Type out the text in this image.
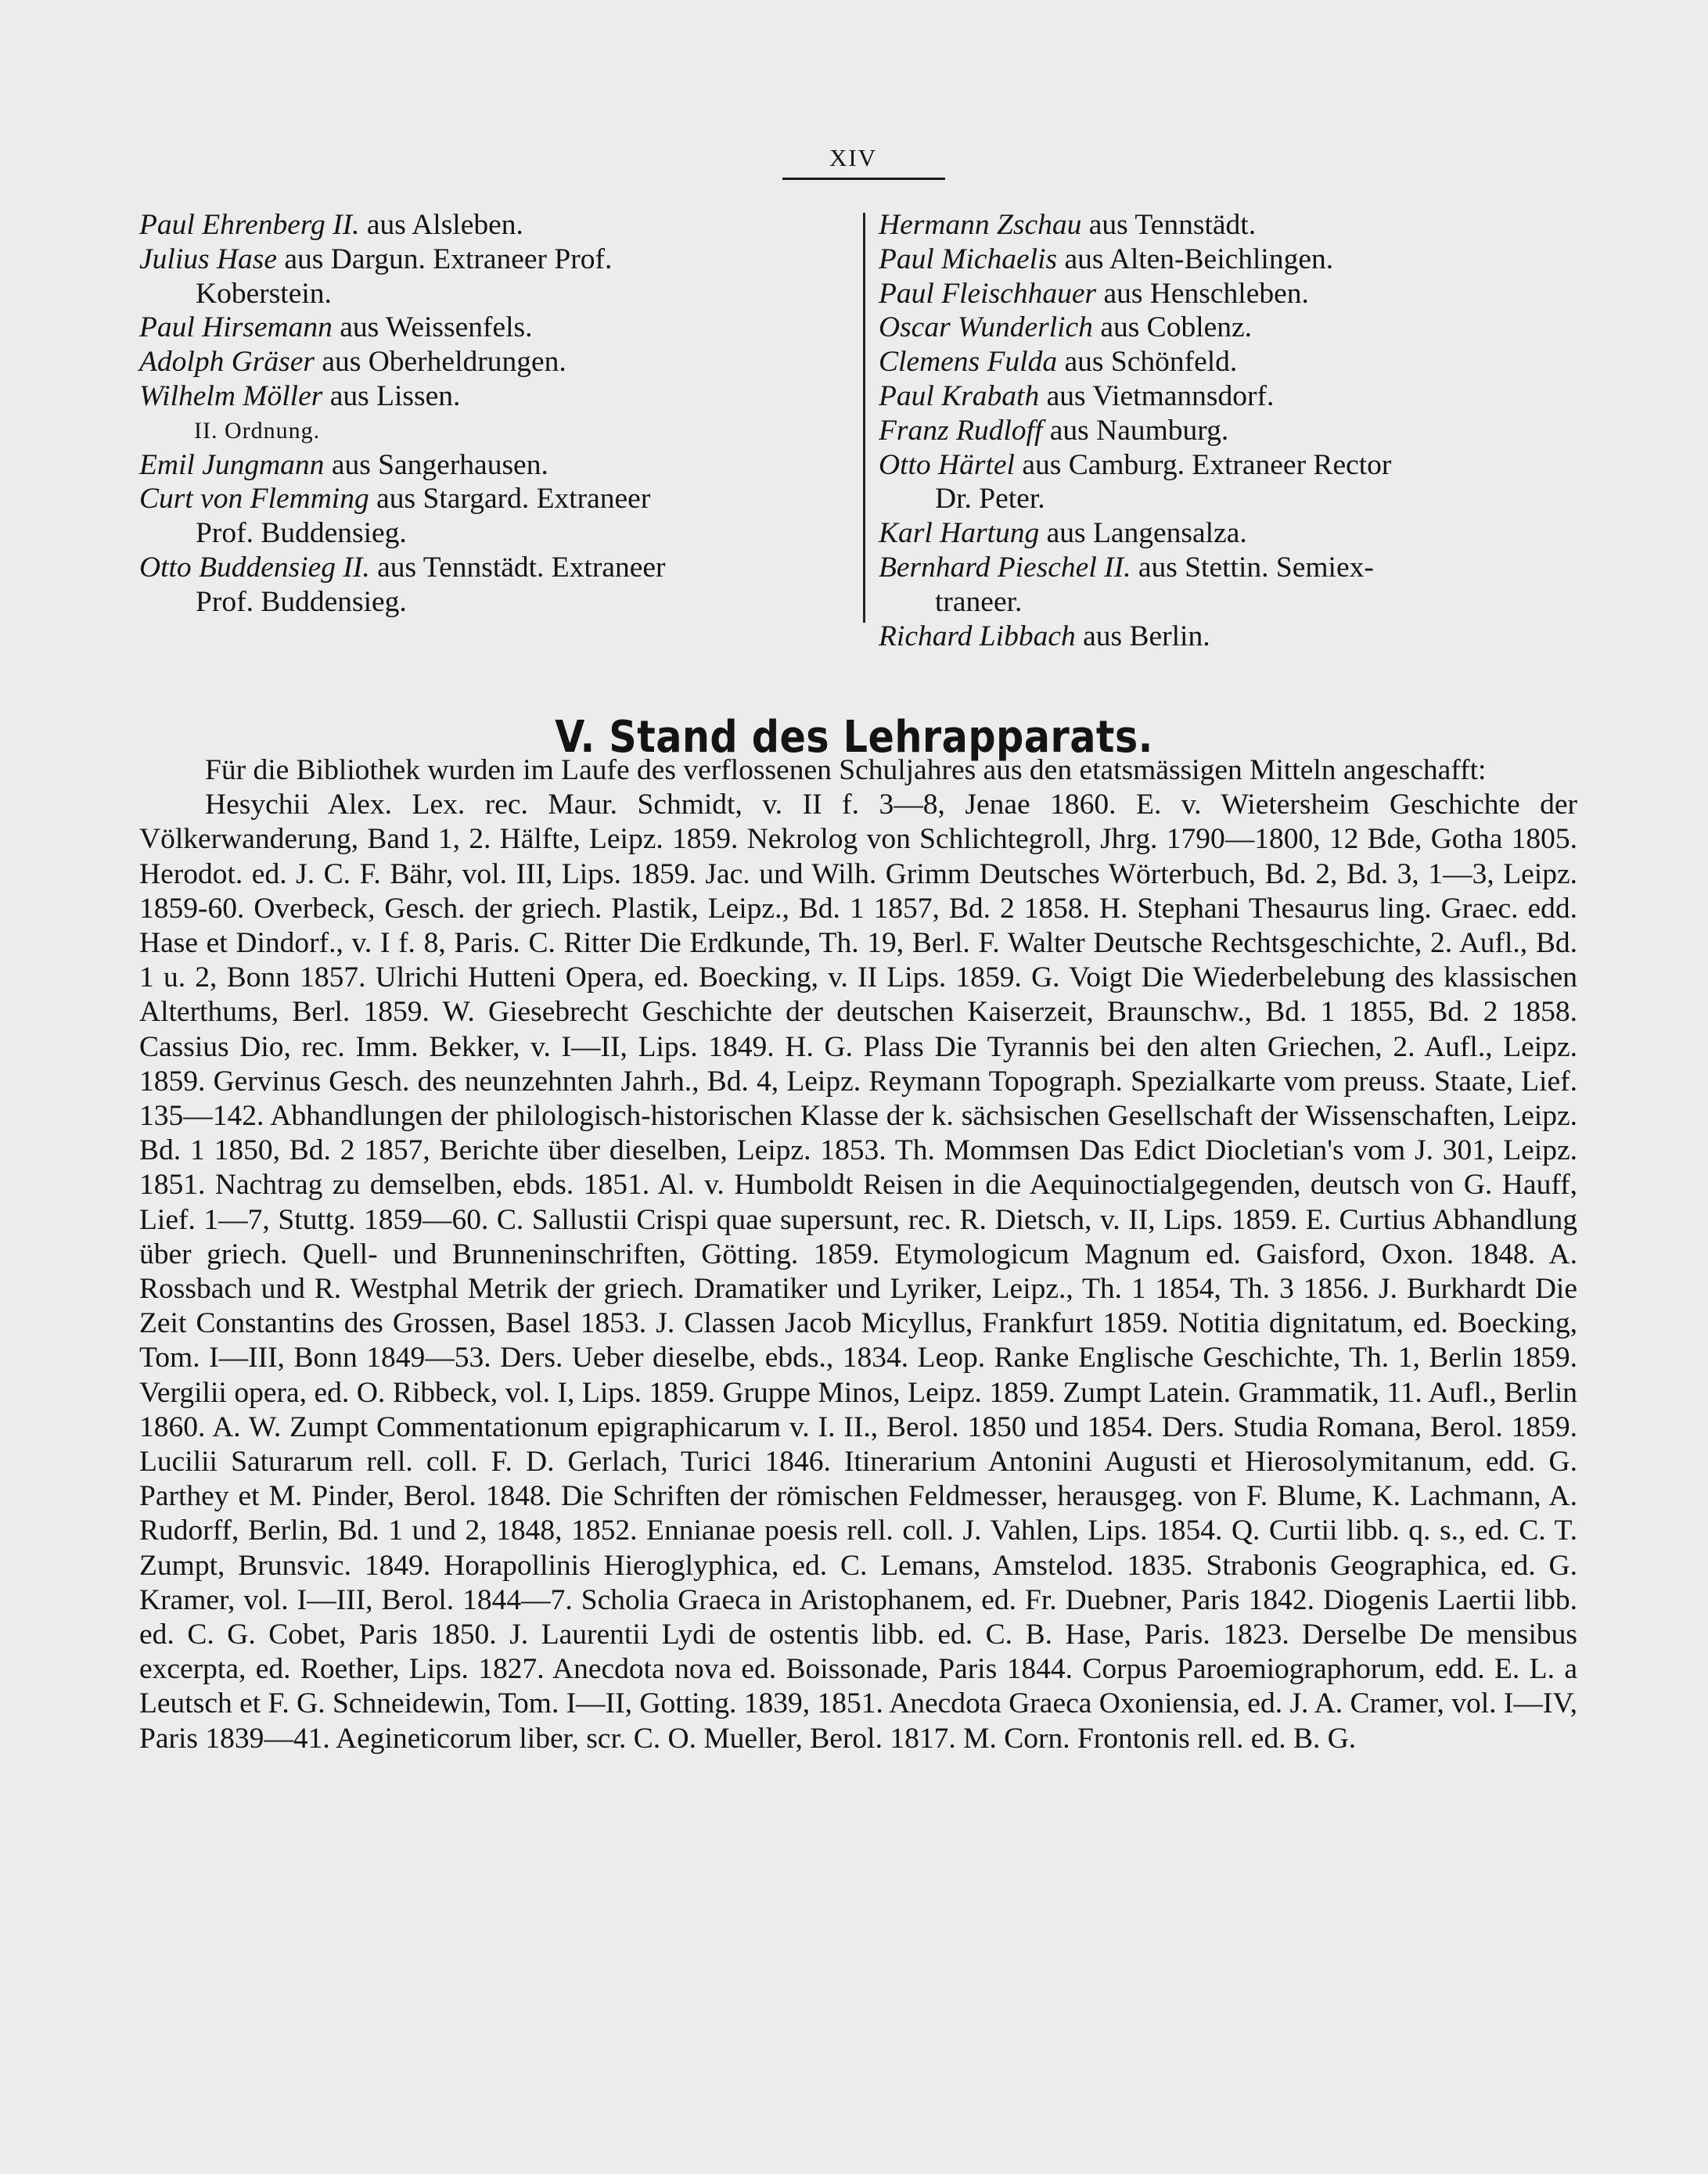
XIV

Paul Ehrenberg II. aus Alsleben.

Julius Hase aus Dargun. Extraneer Prof.
Koberstein.

Paul Hirsemann aus Weissenfels.

Adolph Gräser aus Oberheldrungen.

Wilhelm Möller aus Lissen.

II. Ordnung.

Emil Jungmann aus Sangerhausen.

Curt von Flemming aus Stargard. Extraneer
Prof. Buddensieg.

Otto Buddensieg II. aus Tennstädt. Extraneer
Prof. Buddensieg.

Hermann Zschau aus Tennstädt.

Paul Michaelis aus Alten-Beichlingen.

Paul Fleischhauer aus Henschleben.

Oscar Wunderlich aus Coblenz.

Clemens Fulda aus Schönfeld.

Paul Krabath aus Vietmannsdorf.

Franz Rudloff aus Naumburg.

Otto Härtel aus Camburg. Extraneer Rector
Dr. Peter.

Karl Hartung aus Langensalza.

Bernhard Pieschel II. aus Stettin. Semiex-
traneer.

Richard Libbach aus Berlin.

V. Stand des Lehrapparats.

Für die Bibliothek wurden im Laufe des verflossenen Schuljahres aus den etatsmässigen Mitteln angeschafft:

Hesychii Alex. Lex. rec. Maur. Schmidt, v. II f. 3—8, Jenae 1860. E. v. Wietersheim Geschichte der Völkerwanderung, Band 1, 2. Hälfte, Leipz. 1859. Nekrolog von Schlichtegroll, Jhrg. 1790—1800, 12 Bde, Gotha 1805. Herodot. ed. J. C. F. Bähr, vol. III, Lips. 1859. Jac. und Wilh. Grimm Deutsches Wörterbuch, Bd. 2, Bd. 3, 1—3, Leipz. 1859-60. Overbeck, Gesch. der griech. Plastik, Leipz., Bd. 1 1857, Bd. 2 1858. H. Stephani Thesaurus ling. Graec. edd. Hase et Dindorf., v. I f. 8, Paris. C. Ritter Die Erdkunde, Th. 19, Berl. F. Walter Deutsche Rechtsgeschichte, 2. Aufl., Bd. 1 u. 2, Bonn 1857. Ulrichi Hutteni Opera, ed. Boecking, v. II Lips. 1859. G. Voigt Die Wiederbelebung des klassischen Alterthums, Berl. 1859. W. Giesebrecht Geschichte der deutschen Kaiserzeit, Braunschw., Bd. 1 1855, Bd. 2 1858. Cassius Dio, rec. Imm. Bekker, v. I—II, Lips. 1849. H. G. Plass Die Tyrannis bei den alten Griechen, 2. Aufl., Leipz. 1859. Gervinus Gesch. des neunzehnten Jahrh., Bd. 4, Leipz. Reymann Topograph. Spezialkarte vom preuss. Staate, Lief. 135—142. Abhandlungen der philologisch-historischen Klasse der k. sächsischen Gesellschaft der Wissenschaften, Leipz. Bd. 1 1850, Bd. 2 1857, Berichte über dieselben, Leipz. 1853. Th. Mommsen Das Edict Diocletian's vom J. 301, Leipz. 1851. Nachtrag zu demselben, ebds. 1851. Al. v. Humboldt Reisen in die Aequinoctialgegenden, deutsch von G. Hauff, Lief. 1—7, Stuttg. 1859—60. C. Sallustii Crispi quae supersunt, rec. R. Dietsch, v. II, Lips. 1859. E. Curtius Abhandlung über griech. Quell- und Brunneninschriften, Götting. 1859. Etymologicum Magnum ed. Gaisford, Oxon. 1848. A. Rossbach und R. Westphal Metrik der griech. Dramatiker und Lyriker, Leipz., Th. 1 1854, Th. 3 1856. J. Burkhardt Die Zeit Constantins des Grossen, Basel 1853. J. Classen Jacob Micyllus, Frankfurt 1859. Notitia dignitatum, ed. Boecking, Tom. I—III, Bonn 1849—53. Ders. Ueber dieselbe, ebds., 1834. Leop. Ranke Englische Geschichte, Th. 1, Berlin 1859. Vergilii opera, ed. O. Ribbeck, vol. I, Lips. 1859. Gruppe Minos, Leipz. 1859. Zumpt Latein. Grammatik, 11. Aufl., Berlin 1860. A. W. Zumpt Commentationum epigraphicarum v. I. II., Berol. 1850 und 1854. Ders. Studia Romana, Berol. 1859. Lucilii Saturarum rell. coll. F. D. Gerlach, Turici 1846. Itinerarium Antonini Augusti et Hierosolymitanum, edd. G. Parthey et M. Pinder, Berol. 1848. Die Schriften der römischen Feldmesser, herausgeg. von F. Blume, K. Lachmann, A. Rudorff, Berlin, Bd. 1 und 2, 1848, 1852. Ennianae poesis rell. coll. J. Vahlen, Lips. 1854. Q. Curtii libb. q. s., ed. C. T. Zumpt, Brunsvic. 1849. Horapollinis Hieroglyphica, ed. C. Lemans, Amstelod. 1835. Strabonis Geographica, ed. G. Kramer, vol. I—III, Berol. 1844—7. Scholia Graeca in Aristophanem, ed. Fr. Duebner, Paris 1842. Diogenis Laertii libb. ed. C. G. Cobet, Paris 1850. J. Laurentii Lydi de ostentis libb. ed. C. B. Hase, Paris. 1823. Derselbe De mensibus excerpta, ed. Roether, Lips. 1827. Anecdota nova ed. Boissonade, Paris 1844. Corpus Paroemiographorum, edd. E. L. a Leutsch et F. G. Schneidewin, Tom. I—II, Gotting. 1839, 1851. Anecdota Graeca Oxoniensia, ed. J. A. Cramer, vol. I—IV, Paris 1839—41. Aegineticorum liber, scr. C. O. Mueller, Berol. 1817. M. Corn. Frontonis rell. ed. B. G.
